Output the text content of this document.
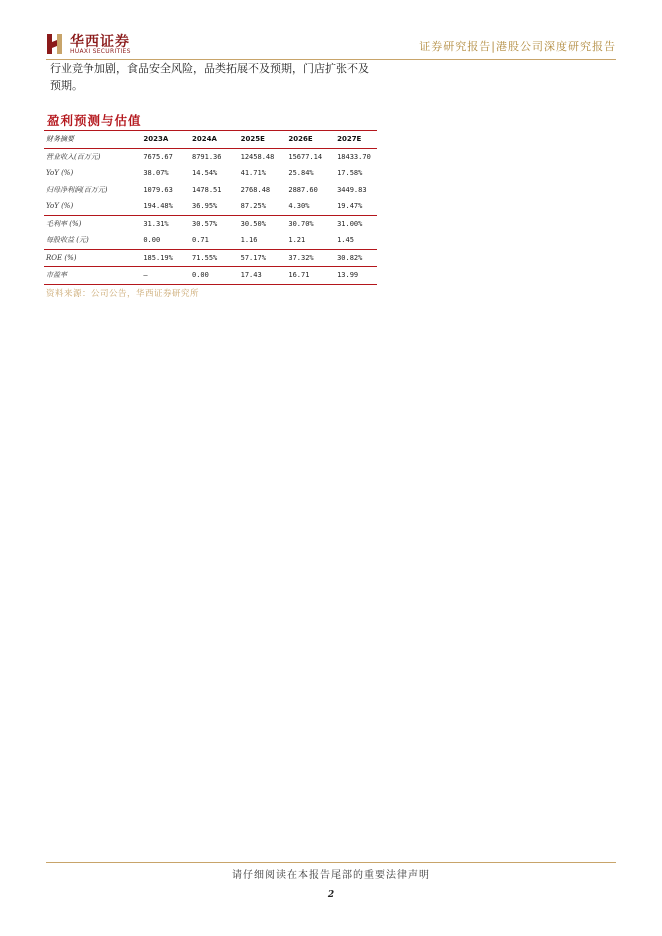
华西证券
HUAXI SECURITIES	证券研究报告|港股公司深度研究报告
行业竞争加剧，食品安全风险，品类拓展不及预期，门店扩张不及预期。
盈利预测与估值
财务摘要	2023A	2024A	2025E	2026E	2027E
营业收入(百万元)	7675.67	8791.36	12458.48	15677.14	18433.70
YoY (%)	38.07%	14.54%	41.71%	25.84%	17.58%
归母净利润(百万元)	1079.63	1478.51	2768.48	2887.60	3449.83
YoY (%)	194.48%	36.95%	87.25%	4.30%	19.47%
毛利率 (%)	31.31%	30.57%	30.50%	30.70%	31.00%
每股收益 (元)	0.00	0.71	1.16	1.21	1.45
ROE (%)	185.19%	71.55%	57.17%	37.32%	30.82%
市盈率	—	0.00	17.43	16.71	13.99
资料来源：公司公告，华西证券研究所
请仔细阅读在本报告尾部的重要法律声明
2
